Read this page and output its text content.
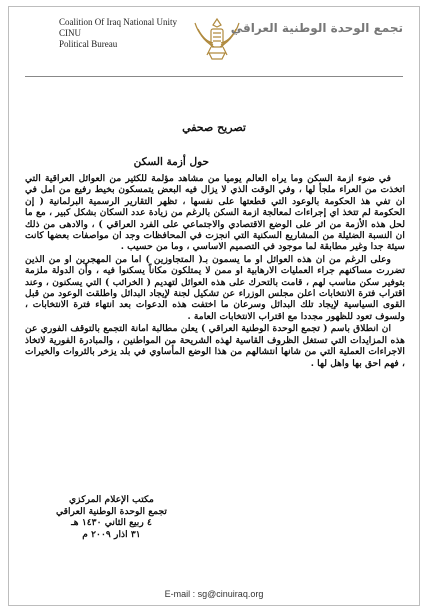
Coalition Of Iraq National Unity
CINU
Political Bureau
تجمع الوحدة الوطنية العراقي
تصريح صحفي
حول أزمة السكن

في ضوء ازمة السكن وما يراه العالم يوميا من مشاهد مؤلمة للكثير من العوائل العراقية التي اتخذت من العراء ملجأ لها ، وفي الوقت الذي لا يزال فيه البعض يتمسكون بخيط رفيع من امل في ان تفي هذ الحكومة بالوعود التي قطعتها على نفسها ، تظهر التقارير الرسمية البرلمانية ( إن الحكومة لم تتخذ اي إجراءات لمعالجة ازمة السكن بالرغم من زيادة عدد السكان بشكل كبير ، مع ما لحل هذه الأزمة من اثر على الوضع الاقتصادي والاجتماعي على الفرد العراقي ) ، والادهى من ذلك ان النسبة الضئيلة من المشاريع السكنية التي انجزت في المحافظات وجد ان مواصفات بعضها كانت سيئة جدا وغير مطابقة لما موجود في التصميم الاساسي ، وما من حسيب .

وعلى الرغم من ان هذه العوائل او ما يسمون بـ( المتجاوزين ) اما من المهجرين او من الذين تضررت مساكنهم جراء العمليات الارهابية او ممن لا يمتلكون مكاناً يسكنوا فيه ، وأن الدولة ملزمة بتوفير سكن مناسب لهم ، قامت بالتحرك على هذه العوائل لتهديم ( الخرائب ) التي يسكنون ، وعند اقتراب فترة الانتخابات اعلن مجلس الوزراء عن تشكيل لجنة لإيجاد البدائل واطلقت الوعود من قبل القوى السياسية لإيجاد تلك البدائل وسرعان ما اختفت هذه الدعوات بعد انتهاء فترة الانتخابات ، ولسوف تعود للظهور مجددا مع اقتراب الانتخابات العامة .

ان انطلاق باسم ( تجمع الوحدة الوطنية العراقي ) يعلن مطالبة امانة التجمع بالتوقف الفوري عن هذه المزايدات التي تستغل الظروف القاسية لهذه الشريحة من المواطنين ، والمبادرة الفورية لاتخاذ الاجراءات العملية التي من شانها انتشالهم من هذا الوضع المأساوي في بلد يزخر بالثروات والخيرات ، فهم احق بها واهل لها .

مكتب الإعلام المركزي
تجمع الوحدة الوطنية العراقي
٤ ربيع الثاني ١٤٣٠ هـ
٣١ اذار ٢٠٠٩ م
E-mail : sg@cinuiraq.org
